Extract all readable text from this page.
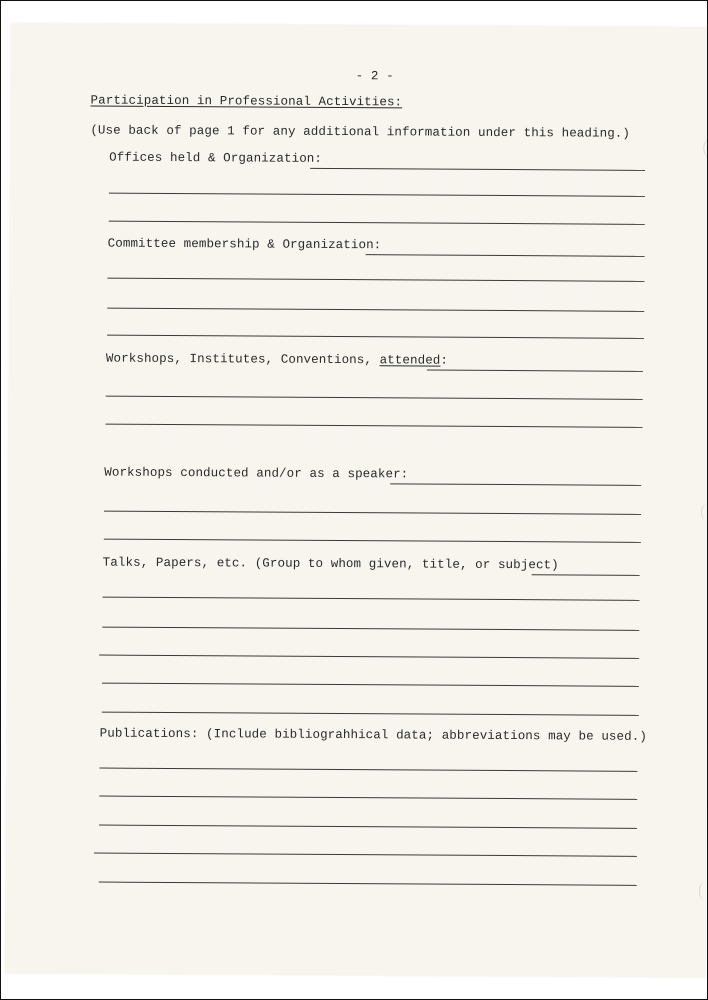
- 2 -
Participation in Professional Activities:
(Use back of page 1 for any additional information under this heading.)
Offices held & Organization:
Committee membership & Organization:
Workshops, Institutes, Conventions, attended:
Workshops conducted and/or as a speaker:
Talks, Papers, etc. (Group to whom given, title, or subject)
Publications: (Include bibliograhhical data; abbreviations may be used.)
